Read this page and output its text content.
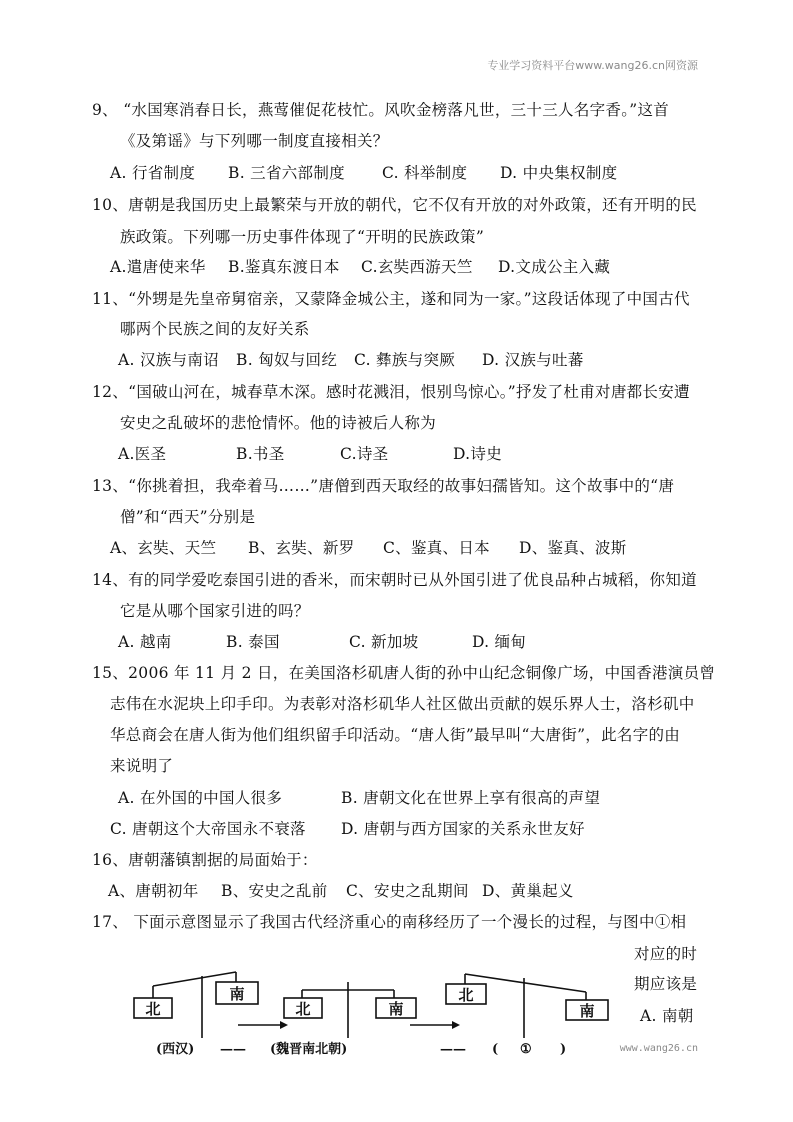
专业学习资料平台www.wang26.cn网资源
9、 “水国寒消春日长，燕莺催促花枝忙。风吹金榜落凡世，三十三人名字香。”这首
《及第谣》与下列哪一制度直接相关？
A. 行省制度 B. 三省六部制度 C. 科举制度 D. 中央集权制度
10、唐朝是我国历史上最繁荣与开放的朝代，它不仅有开放的对外政策，还有开明的民
族政策。下列哪一历史事件体现了“开明的民族政策”
A.遣唐使来华 B.鉴真东渡日本 C.玄奘西游天竺 D.文成公主入藏
11、“外甥是先皇帝舅宿亲，又蒙降金城公主，遂和同为一家。”这段话体现了中国古代
哪两个民族之间的友好关系
A. 汉族与南诏 B. 匈奴与回纥 C. 彝族与突厥 D. 汉族与吐蕃
12、“国破山河在，城春草木深。感时花溅泪，恨别鸟惊心。”抒发了杜甫对唐都长安遭
安史之乱破坏的悲怆情怀。他的诗被后人称为
A.医圣	B.书圣	C.诗圣	D.诗史
13、“你挑着担，我牵着马……”唐僧到西天取经的故事妇孺皆知。这个故事中的“唐
僧”和“西天”分别是
A、玄奘、天竺 B、玄奘、新罗 C、鉴真、日本 D、鉴真、波斯
14、有的同学爱吃泰国引进的香米，而宋朝时已从外国引进了优良品种占城稻，你知道
它是从哪个国家引进的吗？
A. 越南	B. 泰国	C. 新加坡	D. 缅甸
15、2006 年 11 月 2 日，在美国洛杉矶唐人街的孙中山纪念铜像广场，中国香港演员曾
志伟在水泥块上印手印。为表彰对洛杉矶华人社区做出贡献的娱乐界人士，洛杉矶中
华总商会在唐人街为他们组织留手印活动。“唐人街”最早叫“大唐街”，此名字的由
来说明了
A. 在外国的中国人很多	B. 唐朝文化在世界上享有很高的声望
C. 唐朝这个大帝国永不衰落 D. 唐朝与西方国家的关系永世友好
16、唐朝藩镇割据的局面始于：
A、唐朝初年 B、安史之乱前 C、安史之乱期间 D、黄巢起义
17、 下面示意图显示了我国古代经济重心的南移经历了一个漫长的过程，与图中①相
对应的时
期应该是
A. 南朝
北
南
北	南
北
南
(西汉) —— (魏晋南北朝)	—— ( ① )	www.wang26.cn
